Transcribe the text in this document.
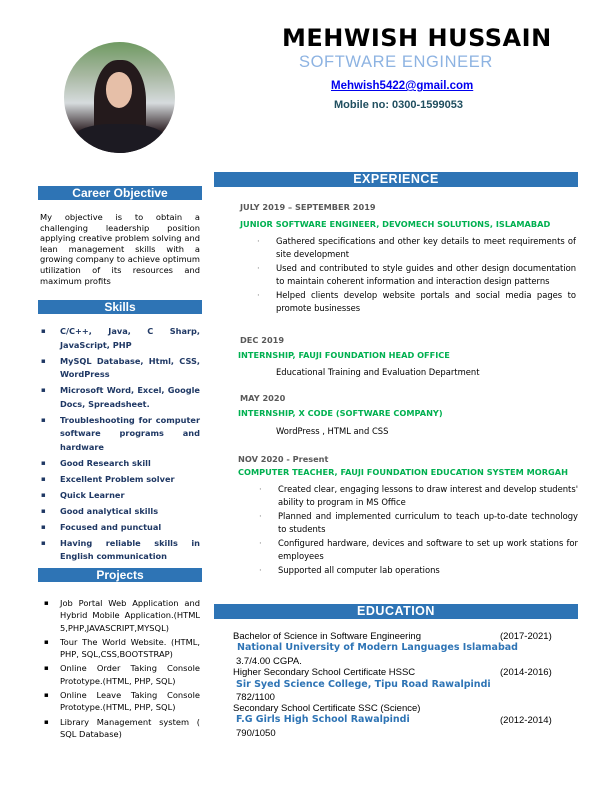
MEHWISH HUSSAIN
SOFTWARE ENGINEER
Mehwish5422@gmail.com
Mobile no: 0300-1599053
Career Objective
My objective is to obtain a challenging leadership position applying creative problem solving and lean management skills with a growing company to achieve optimum utilization of its resources and maximum profits
Skills
▪ C/C++, Java, C Sharp, JavaScript, PHP
▪ MySQL Database, Html, CSS, WordPress
▪ Microsoft Word, Excel, Google Docs, Spreadsheet.
▪ Troubleshooting for computer software programs and hardware
▪ Good Research skill
▪ Excellent Problem solver
▪ Quick Learner
▪ Good analytical skills
▪ Focused and punctual
▪ Having reliable skills in English communication
Projects
▪ Job Portal Web Application and Hybrid Mobile Application.(HTML 5,PHP,JAVASCRIPT,MYSQL)
▪ Tour The World Website. (HTML, PHP, SQL,CSS,BOOTSTRAP)
▪ Online Order Taking Console Prototype.(HTML, PHP, SQL)
▪ Online Leave Taking Console Prototype.(HTML, PHP, SQL)
▪ Library Management system ( SQL Database)
EXPERIENCE
JULY 2019 – SEPTEMBER 2019
JUNIOR SOFTWARE ENGINEER, DEVOMECH SOLUTIONS, ISLAMABAD
· Gathered specifications and other key details to meet requirements of site development
· Used and contributed to style guides and other design documentation to maintain coherent information and interaction design patterns
· Helped clients develop website portals and social media pages to promote businesses
DEC 2019
INTERNSHIP, FAUJI FOUNDATION HEAD OFFICE
Educational Training and Evaluation Department
MAY 2020
INTERNSHIP, X CODE (SOFTWARE COMPANY)
WordPress , HTML and CSS
NOV 2020 - Present
COMPUTER TEACHER, FAUJI FOUNDATION EDUCATION SYSTEM MORGAH
· Created clear, engaging lessons to draw interest and develop students' ability to program in MS Office
· Planned and implemented curriculum to teach up-to-date technology to students
· Configured hardware, devices and software to set up work stations for employees
· Supported all computer lab operations
EDUCATION
Bachelor of Science in Software Engineering	(2017-2021)
National University of Modern Languages Islamabad
3.7/4.00 CGPA.
Higher Secondary School Certificate HSSC	(2014-2016)
Sir Syed Science College, Tipu Road Rawalpindi
782/1100
Secondary School Certificate SSC (Science)
F.G Girls High School Rawalpindi	(2012-2014)
790/1050
